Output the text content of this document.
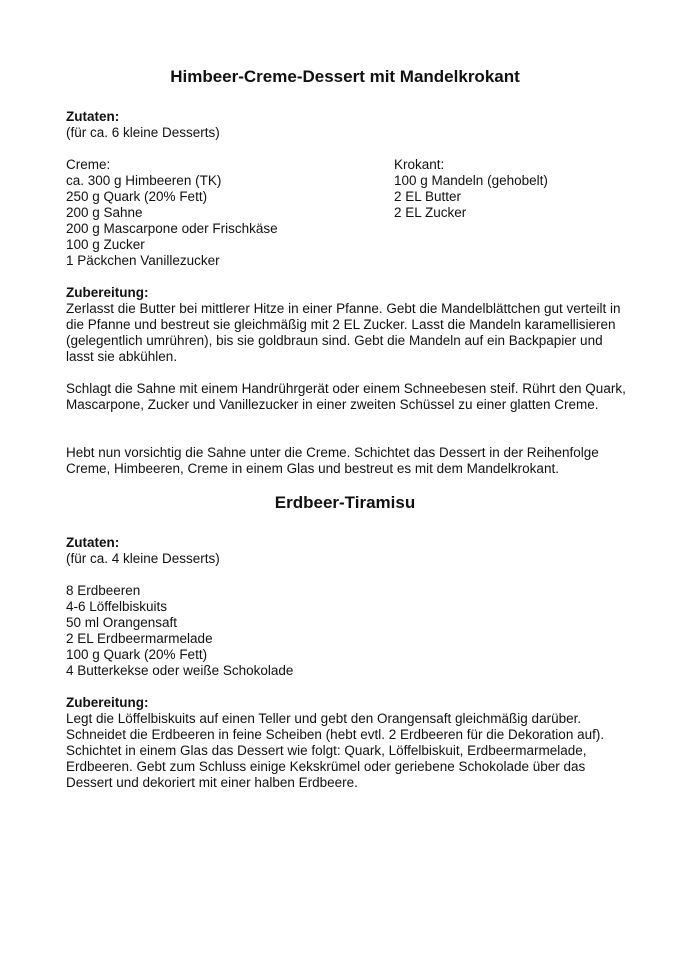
Himbeer-Creme-Dessert mit Mandelkrokant

Zutaten:

(für ca. 6 kleine Desserts)

Creme:

ca. 300 g Himbeeren (TK)
250 g Quark (20% Fett)
200 g Sahne
200 g Mascarpone oder Frischkäse
100 g Zucker
1 Päckchen Vanillezucker

Krokant:

100 g Mandeln (gehobelt)
2 EL Butter
2 EL Zucker

Zubereitung:

Zerlasst die Butter bei mittlerer Hitze in einer Pfanne. Gebt die Mandelblättchen gut verteilt in die Pfanne und bestreut sie gleichmäßig mit 2 EL Zucker. Lasst die Mandeln karamellisieren (gelegentlich umrühren), bis sie goldbraun sind. Gebt die Mandeln auf ein Backpapier und lasst sie abkühlen.

Schlagt die Sahne mit einem Handrührgerät oder einem Schneebesen steif. Rührt den Quark, Mascarpone, Zucker und Vanillezucker in einer zweiten Schüssel zu einer glatten Creme.

Hebt nun vorsichtig die Sahne unter die Creme. Schichtet das Dessert in der Reihenfolge Creme, Himbeeren, Creme in einem Glas und bestreut es mit dem Mandelkrokant.

Erdbeer-Tiramisu

Zutaten:

(für ca. 4 kleine Desserts)

8 Erdbeeren
4-6 Löffelbiskuits
50 ml Orangensaft
2 EL Erdbeermarmelade
100 g Quark (20% Fett)
4 Butterkekse oder weiße Schokolade

Zubereitung:

Legt die Löffelbiskuits auf einen Teller und gebt den Orangensaft gleichmäßig darüber. Schneidet die Erdbeeren in feine Scheiben (hebt evtl. 2 Erdbeeren für die Dekoration auf). Schichtet in einem Glas das Dessert wie folgt: Quark, Löffelbiskuit, Erdbeermarmelade, Erdbeeren. Gebt zum Schluss einige Kekskrümel oder geriebene Schokolade über das Dessert und dekoriert mit einer halben Erdbeere.
